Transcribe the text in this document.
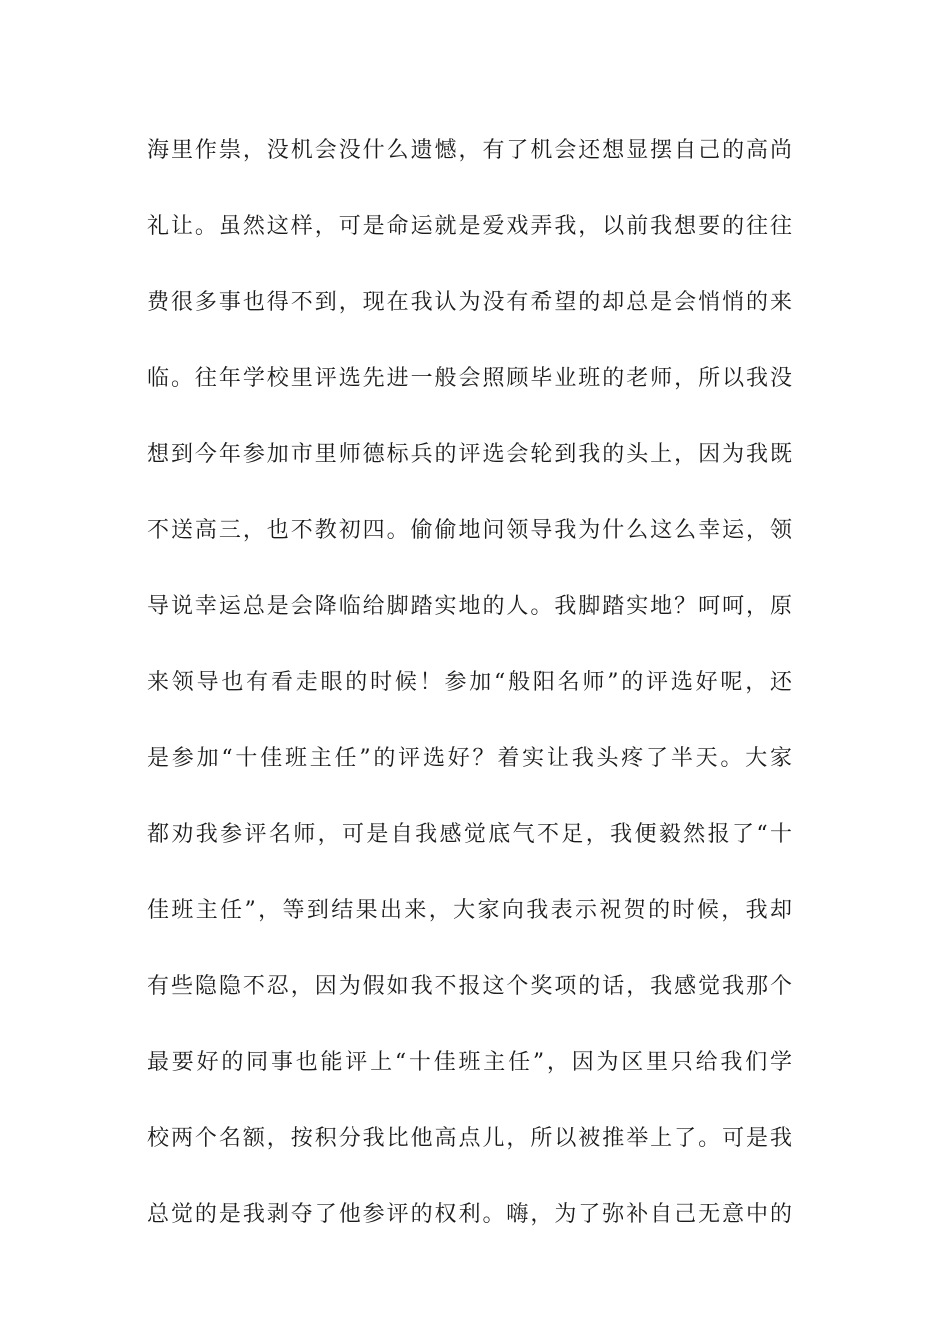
海里作祟，没机会没什么遗憾，有了机会还想显摆自己的高尚
礼让。虽然这样，可是命运就是爱戏弄我，以前我想要的往往
费很多事也得不到，现在我认为没有希望的却总是会悄悄的来
临。往年学校里评选先进一般会照顾毕业班的老师，所以我没
想到今年参加市里师德标兵的评选会轮到我的头上，因为我既
不送高三，也不教初四。偷偷地问领导我为什么这么幸运，领
导说幸运总是会降临给脚踏实地的人。我脚踏实地？呵呵，原
来领导也有看走眼的时候！参加“般阳名师”的评选好呢，还
是参加“十佳班主任”的评选好？着实让我头疼了半天。大家
都劝我参评名师，可是自我感觉底气不足，我便毅然报了“十
佳班主任”，等到结果出来，大家向我表示祝贺的时候，我却
有些隐隐不忍，因为假如我不报这个奖项的话，我感觉我那个
最要好的同事也能评上“十佳班主任”，因为区里只给我们学
校两个名额，按积分我比他高点儿，所以被推举上了。可是我
总觉的是我剥夺了他参评的权利。嗨，为了弥补自己无意中的
